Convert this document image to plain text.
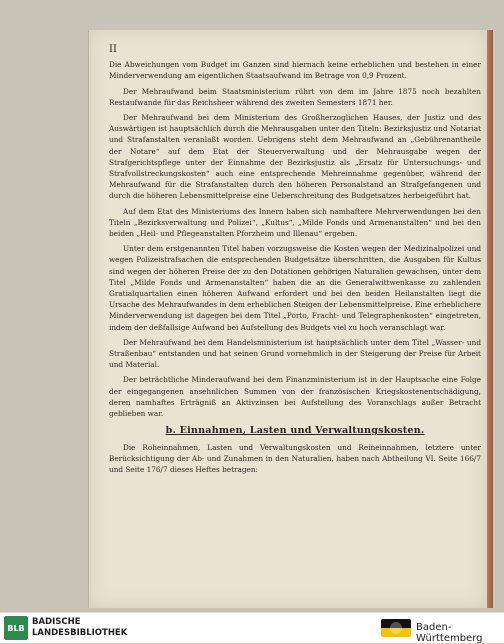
II

Die Abweichungen vom Budget im Ganzen sind hiernach keine erheblichen und bestehen in einer Minderverwendung am eigentlichen Staatsaufwand im Betrage von 0,9 Prozent.

Der Mehraufwand beim Staatsministerium rührt von dem im Jahre 1875 noch bezahlten Restaufwande für das Reichsheer während des zweiten Semesters 1871 her.

Der Mehraufwand bei dem Ministerium des Großherzoglichen Hauses, der Justiz und des Auswärtigen ist hauptsächlich durch die Mehrausgaben unter den Titeln: Bezirksjustiz und Notariat und Strafanstalten veranlaßt worden. Uebrigens steht dem Mehraufwand an „Gebührenantheile der Notare“ auf dem Etat der Steuerverwaltung und der Mehrausgabe wegen der Strafgerichtspflege unter der Einnahme der Bezirksjustiz als „Ersatz für Untersuchungs- und Strafvollstreckungskosten“ auch eine entsprechende Mehreinnahme gegenüber, während der Mehraufwand für die Strafanstalten durch den höheren Personalstand an Strafgefangenen und durch die höheren Lebensmittelpreise eine Ueberschreitung des Budgetsatzes herbeigeführt hat.

Auf dem Etat des Ministeriums des Innern haben sich namhaftere Mehrverwendungen bei den Titeln „Bezirksverwaltung und Polizei“, „Kultus“, „Milde Fonds und Armenanstalten“ und bei den beiden „Heil- und Pflegeanstalten Pforzheim und Illenau“ ergeben.

Unter dem erstgenannten Titel haben vorzugsweise die Kosten wegen der Medizinalpolizei und wegen Polizeistrafsachen die entsprechenden Budgetsätze überschritten, die Ausgaben für Kultus sind wegen der höheren Preise der zu den Dotationen gehörigen Naturalien gewachsen, unter dem Titel „Milde Fonds und Armenanstalten“ haben die an die Generalwittwenkasse zu zahlenden Gratialquartalien einen höheren Aufwand erfordert und bei den beiden Heilanstalten liegt die Ursache des Mehraufwandes in dem erheblichen Steigen der Lebensmittelpreise. Eine erheblichere Minderverwendung ist dagegen bei dem Titel „Porto, Fracht- und Telegraphenkosten“ eingetreten, indem der deßfallsige Aufwand bei Aufstellung des Budgets viel zu hoch veranschlagt war.

Der Mehraufwand bei dem Handelsministerium ist hauptsächlich unter dem Titel „Wasser- und Straßenbau“ entstanden und hat seinen Grund vornehmlich in der Steigerung der Preise für Arbeit und Material.

Der beträchtliche Minderaufwand bei dem Finanzministerium ist in der Hauptsache eine Folge der eingegangenen ansehnlichen Summen von der französischen Kriegskostenentschädigung, deren namhaftes Erträgniß an Aktivzinsen bei Aufstellung des Voranschlags außer Betracht geblieben war.

b. Einnahmen, Lasten und Verwaltungskosten.

Die Roheinnahmen, Lasten und Verwaltungskosten und Reineinnahmen, letztere unter Berücksichtigung der Ab- und Zunahmen in den Naturalien, haben nach Abtheilung VI. Seite 166/7 und Seite 176/7 dieses Heftes betragen:

BLB
BADISCHE
LANDESBIBLIOTHEK	Baden-Württemberg
